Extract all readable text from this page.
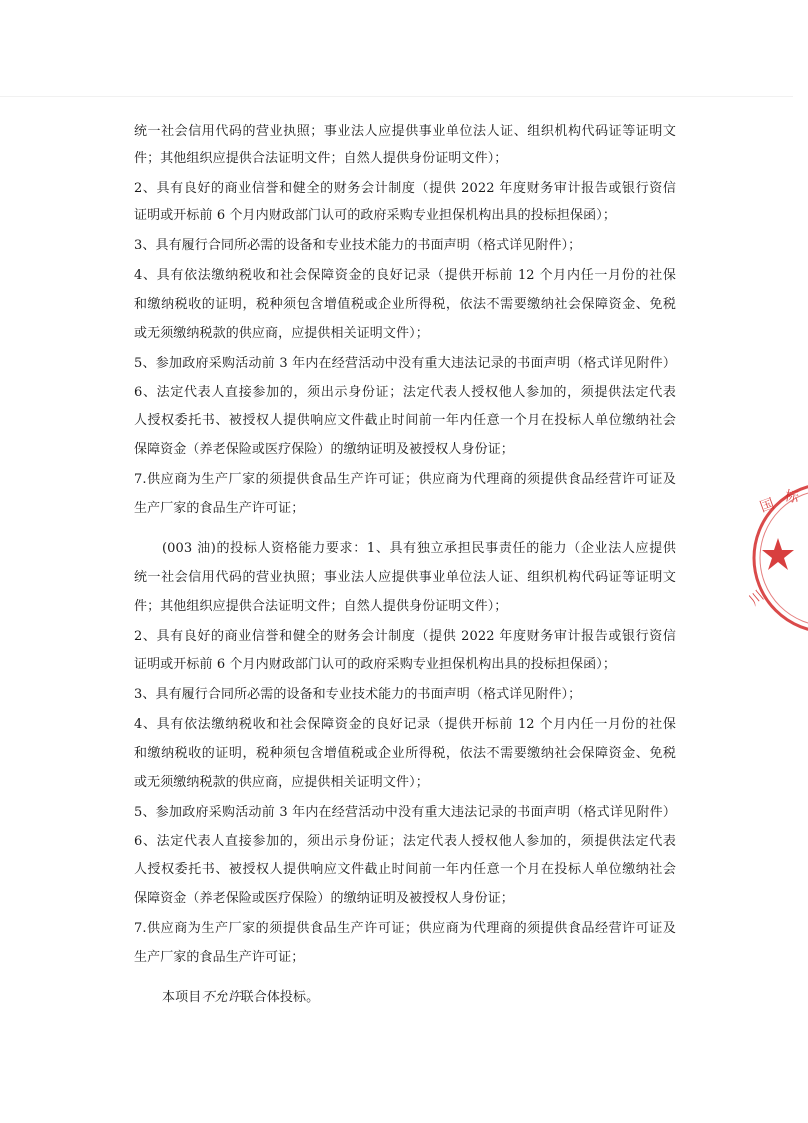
统一社会信用代码的营业执照；事业法人应提供事业单位法人证、组织机构代码证等证明文
件；其他组织应提供合法证明文件；自然人提供身份证明文件）；
2、具有良好的商业信誉和健全的财务会计制度（提供 2022 年度财务审计报告或银行资信
证明或开标前 6 个月内财政部门认可的政府采购专业担保机构出具的投标担保函）；
3、具有履行合同所必需的设备和专业技术能力的书面声明（格式详见附件）；
4、具有依法缴纳税收和社会保障资金的良好记录（提供开标前 12 个月内任一月份的社保
和缴纳税收的证明，税种须包含增值税或企业所得税，依法不需要缴纳社会保障资金、免税
或无须缴纳税款的供应商，应提供相关证明文件）；
5、参加政府采购活动前 3 年内在经营活动中没有重大违法记录的书面声明（格式详见附件）
6、法定代表人直接参加的，须出示身份证；法定代表人授权他人参加的，须提供法定代表
人授权委托书、被授权人提供响应文件截止时间前一年内任意一个月在投标人单位缴纳社会
保障资金（养老保险或医疗保险）的缴纳证明及被授权人身份证；
7.供应商为生产厂家的须提供食品生产许可证；供应商为代理商的须提供食品经营许可证及
生产厂家的食品生产许可证；
(003 油)的投标人资格能力要求：1、具有独立承担民事责任的能力（企业法人应提供
统一社会信用代码的营业执照；事业法人应提供事业单位法人证、组织机构代码证等证明文
件；其他组织应提供合法证明文件；自然人提供身份证明文件）；
2、具有良好的商业信誉和健全的财务会计制度（提供 2022 年度财务审计报告或银行资信
证明或开标前 6 个月内财政部门认可的政府采购专业担保机构出具的投标担保函）；
3、具有履行合同所必需的设备和专业技术能力的书面声明（格式详见附件）；
4、具有依法缴纳税收和社会保障资金的良好记录（提供开标前 12 个月内任一月份的社保
和缴纳税收的证明，税种须包含增值税或企业所得税，依法不需要缴纳社会保障资金、免税
或无须缴纳税款的供应商，应提供相关证明文件）；
5、参加政府采购活动前 3 年内在经营活动中没有重大违法记录的书面声明（格式详见附件）
6、法定代表人直接参加的，须出示身份证；法定代表人授权他人参加的，须提供法定代表
人授权委托书、被授权人提供响应文件截止时间前一年内任意一个月在投标人单位缴纳社会
保障资金（养老保险或医疗保险）的缴纳证明及被授权人身份证；
7.供应商为生产厂家的须提供食品生产许可证；供应商为代理商的须提供食品经营许可证及
生产厂家的食品生产许可证；
本项目不允许联合体投标。
国 标
川
